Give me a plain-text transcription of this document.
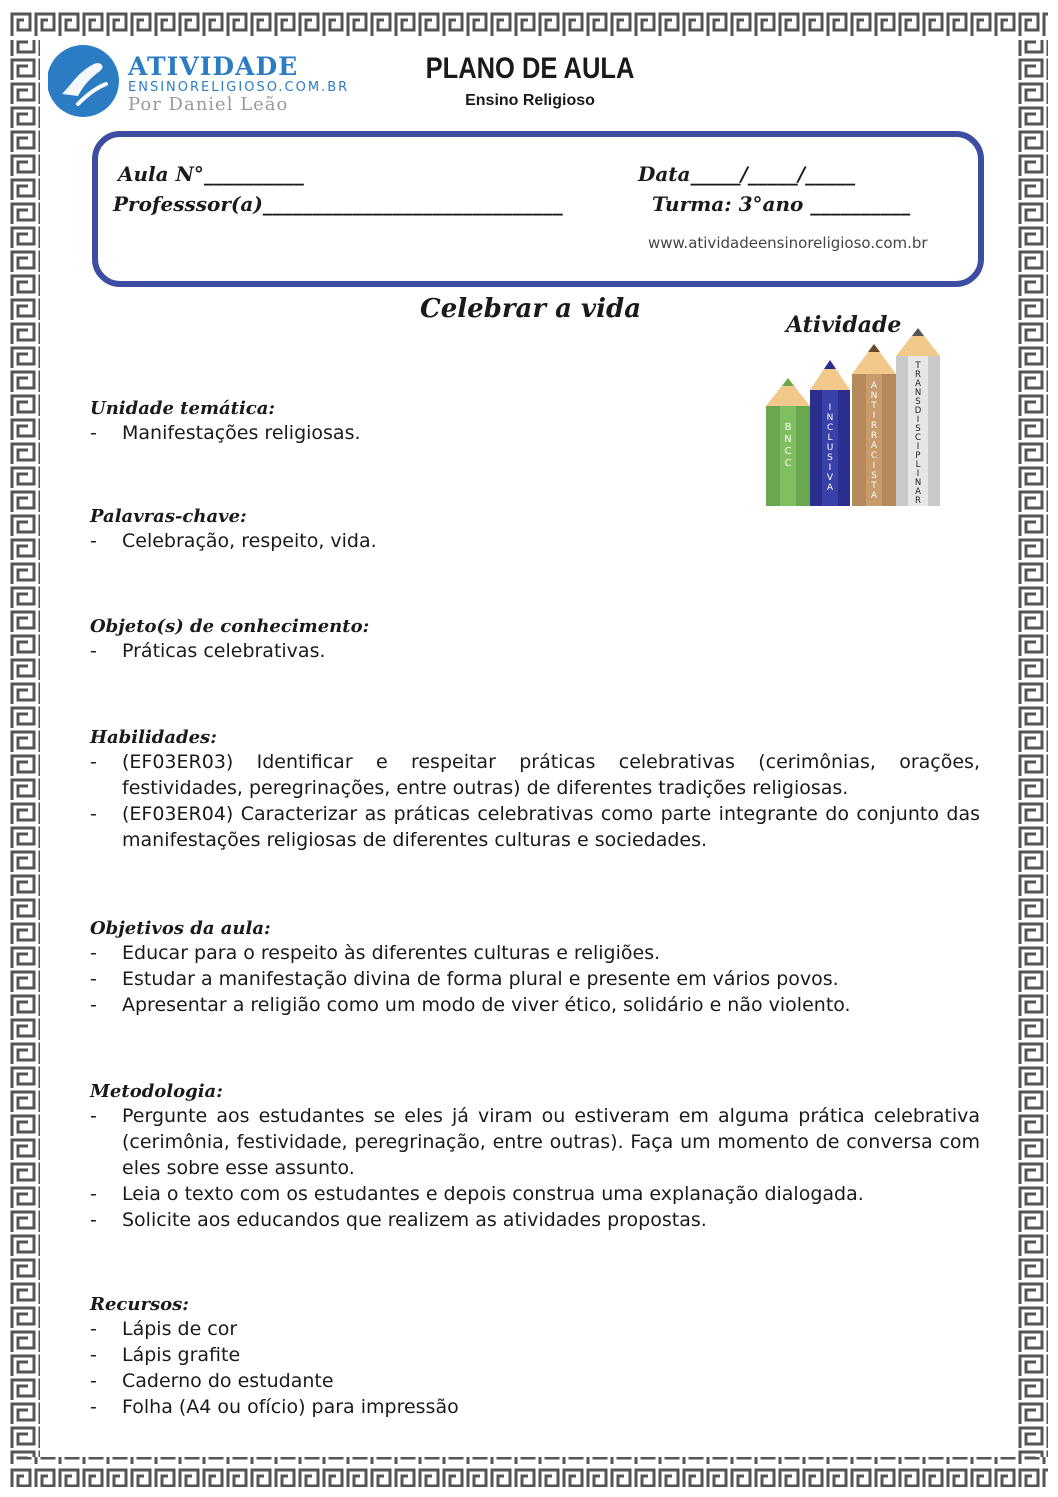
ATIVIDADE
ENSINORELIGIOSO.COM.BR
Por Daniel Leão
PLANO DE AULA
Ensino Religioso
Aula N°__________	Data_____/_____/_____
Professsor(a)______________________________	Turma: 3°ano __________
www.atividadeensinoreligioso.com.br
Celebrar a vida
Atividade
B N C C
I N C L U S I V A
A N T I R R A C I S T A
T R A N S D I S C I P L I N A R

Unidade temática:

-	Manifestações religiosas.

Palavras-chave:

-	Celebração, respeito, vida.

Objeto(s) de conhecimento:

-	Práticas celebrativas.

Habilidades:

-	(EF03ER03) Identificar e respeitar práticas celebrativas (cerimônias, orações, festividades, peregrinações, entre outras) de diferentes tradições religiosas.
-	(EF03ER04) Caracterizar as práticas celebrativas como parte integrante do conjunto das manifestações religiosas de diferentes culturas e sociedades.

Objetivos da aula:

-	Educar para o respeito às diferentes culturas e religiões.
-	Estudar a manifestação divina de forma plural e presente em vários povos.
-	Apresentar a religião como um modo de viver ético, solidário e não violento.

Metodologia:

-	Pergunte aos estudantes se eles já viram ou estiveram em alguma prática celebrativa (cerimônia, festividade, peregrinação, entre outras). Faça um momento de conversa com eles sobre esse assunto.
-	Leia o texto com os estudantes e depois construa uma explanação dialogada.
-	Solicite aos educandos que realizem as atividades propostas.

Recursos:

-	Lápis de cor
-	Lápis grafite
-	Caderno do estudante
-	Folha (A4 ou ofício) para impressão
